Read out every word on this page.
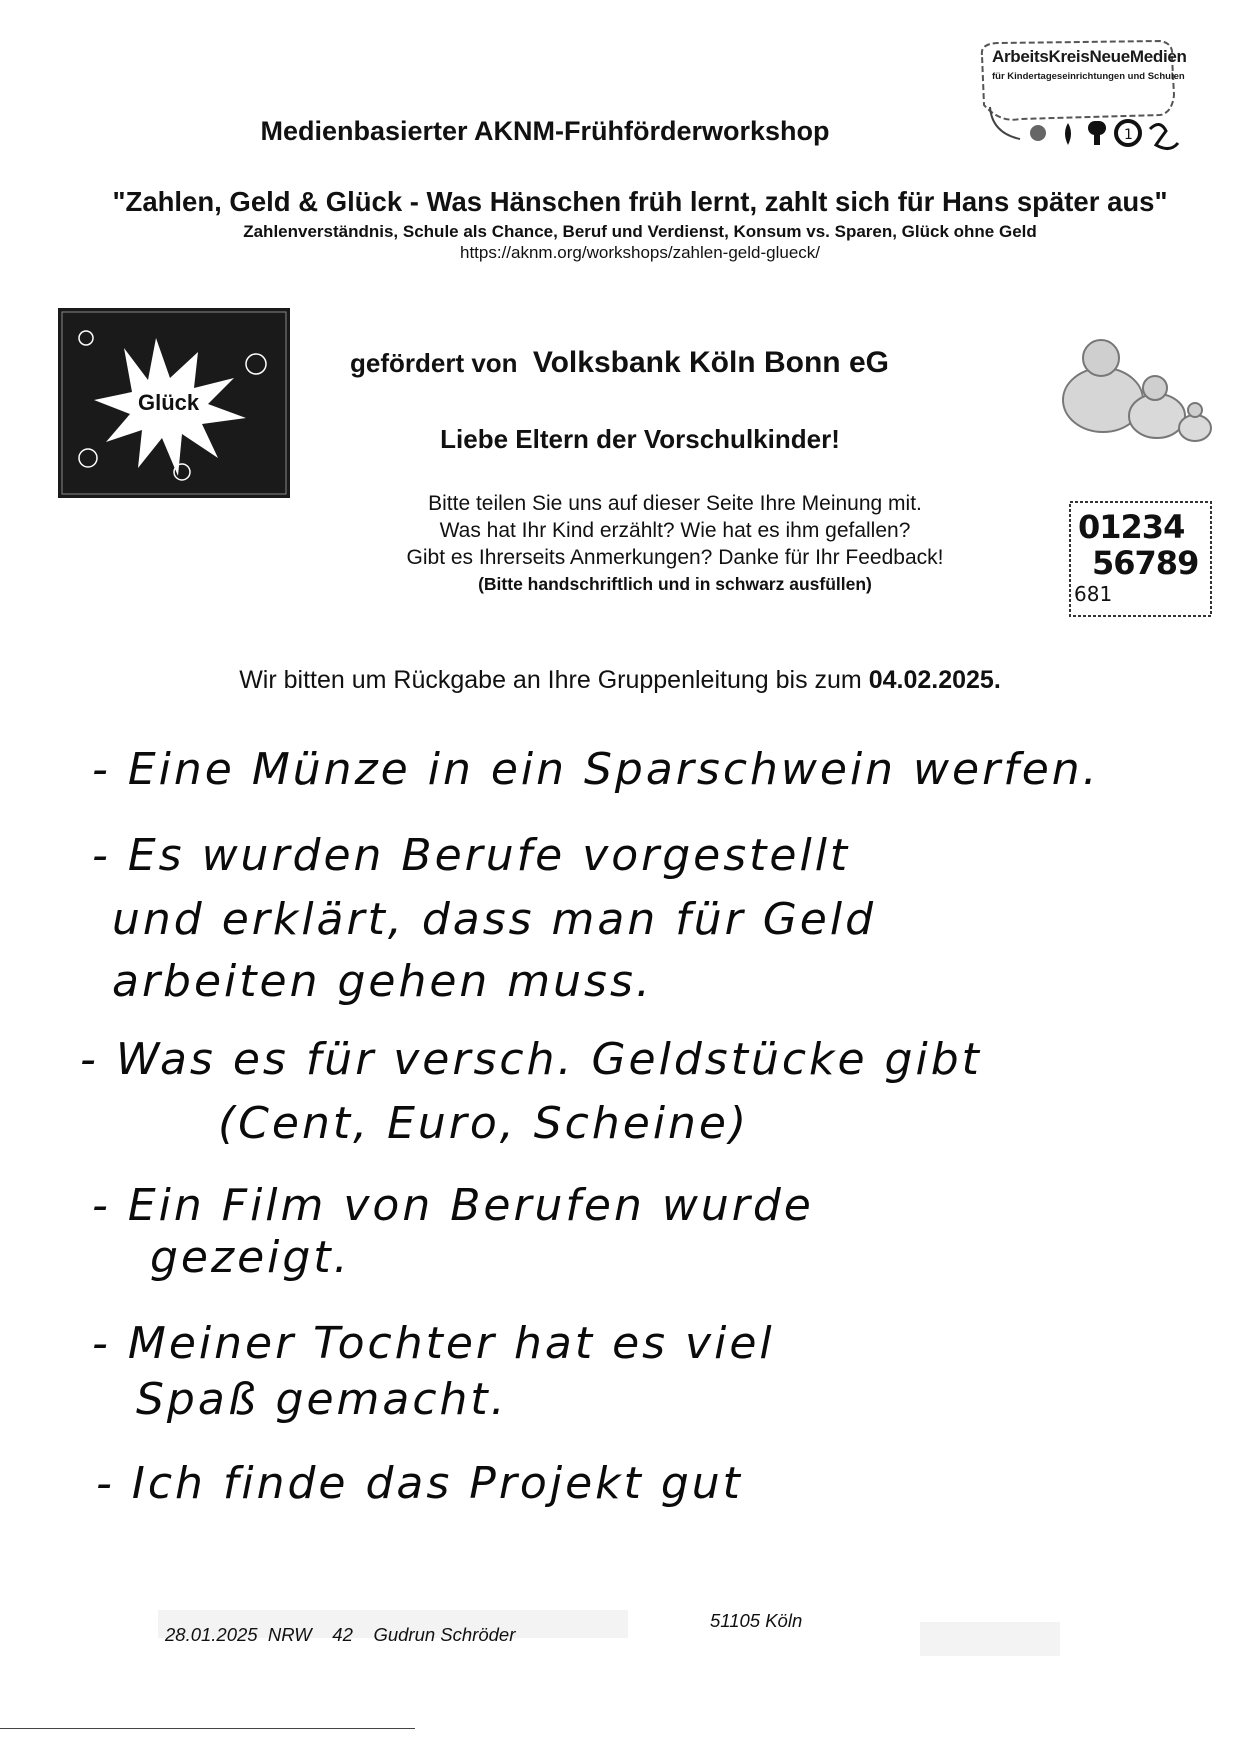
1
ArbeitsKreisNeueMedien
für Kindertageseinrichtungen und Schulen
Medienbasierter AKNM-Frühförderworkshop
"Zahlen, Geld & Glück - Was Hänschen früh lernt, zahlt sich für Hans später aus"
Zahlenverständnis, Schule als Chance, Beruf und Verdienst, Konsum vs. Sparen, Glück ohne Geld
https://aknm.org/workshops/zahlen-geld-glueck/
Glück
gefördert von Volksbank Köln Bonn eG
Liebe Eltern der Vorschulkinder!
Bitte teilen Sie uns auf dieser Seite Ihre Meinung mit.
Was hat Ihr Kind erzählt? Wie hat es ihm gefallen?
Gibt es Ihrerseits Anmerkungen? Danke für Ihr Feedback!
(Bitte handschriftlich und in schwarz ausfüllen)
01234
56789
681
Wir bitten um Rückgabe an Ihre Gruppenleitung bis zum 04.02.2025.
- Eine Münze in ein Sparschwein werfen.
- Es wurden Berufe vorgestellt
und erklärt, dass man für Geld
arbeiten gehen muss.
- Was es für versch. Geldstücke gibt
(Cent, Euro, Scheine)
- Ein Film von Berufen wurde
gezeigt.
- Meiner Tochter hat es viel
Spaß gemacht.
- Ich finde das Projekt gut
28.01.2025 NRW 42 Gudrun Schröder
51105 Köln
